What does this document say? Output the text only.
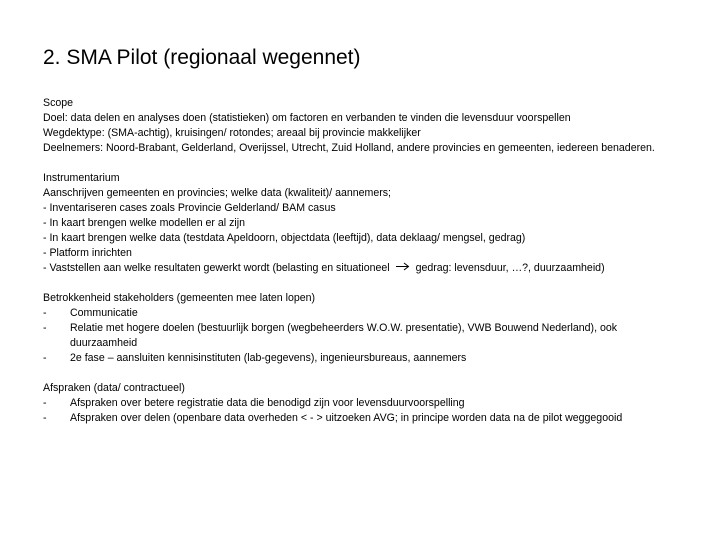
2. SMA Pilot (regionaal wegennet)
Scope
Doel: data delen en analyses doen (statistieken) om factoren en verbanden te vinden die levensduur voorspellen
Wegdektype: (SMA-achtig), kruisingen/ rotondes; areaal bij provincie makkelijker
Deelnemers: Noord-Brabant, Gelderland, Overijssel, Utrecht, Zuid Holland, andere provincies en gemeenten, iedereen benaderen.
Instrumentarium
Aanschrijven gemeenten en provincies; welke data (kwaliteit)/ aannemers;
- Inventariseren cases zoals Provincie Gelderland/ BAM casus
- In kaart brengen welke modellen er al zijn
- In kaart brengen welke data (testdata Apeldoorn, objectdata (leeftijd), data deklaag/ mengsel, gedrag)
- Platform inrichten
- Vaststellen aan welke resultaten gewerkt wordt (belasting en situationeel gedrag: levensduur, …?, duurzaamheid)
Betrokkenheid stakeholders (gemeenten mee laten lopen)
-	Communicatie
-	Relatie met hogere doelen (bestuurlijk borgen (wegbeheerders W.O.W. presentatie), VWB Bouwend Nederland), ook duurzaamheid
-	2e fase – aansluiten kennisinstituten (lab-gegevens), ingenieursbureaus, aannemers
Afspraken (data/ contractueel)
-	Afspraken over betere registratie data die benodigd zijn voor levensduurvoorspelling
-	Afspraken over delen (openbare data overheden < - > uitzoeken AVG; in principe worden data na de pilot weggegooid
